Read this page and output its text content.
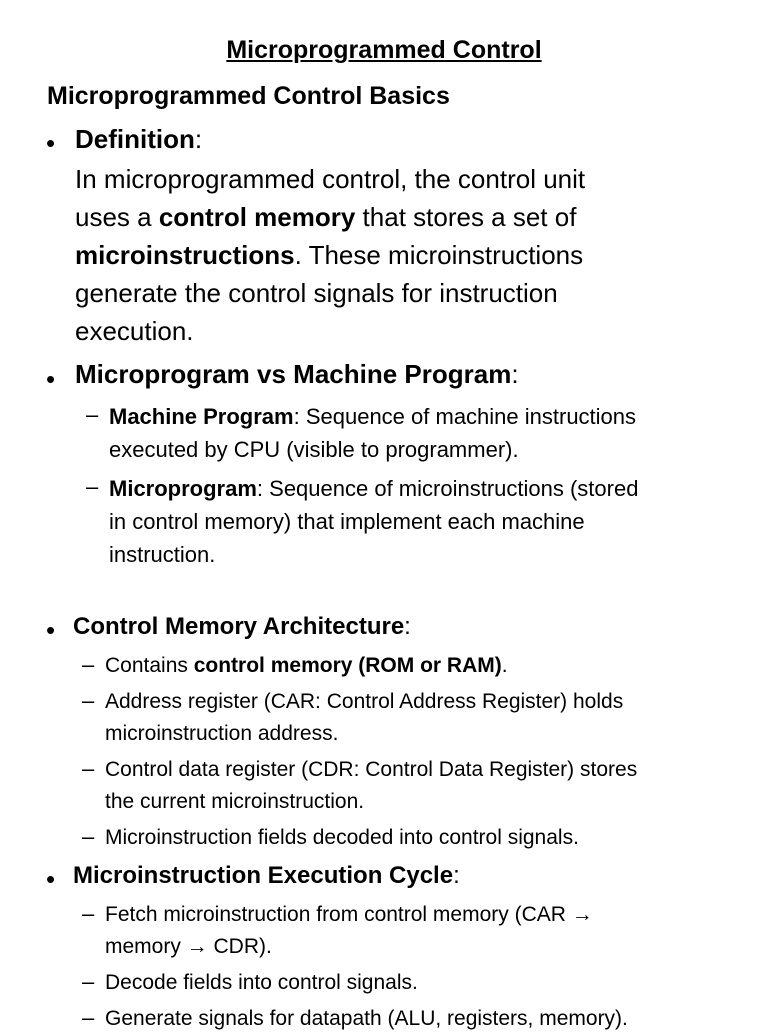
Microprogrammed Control
Microprogrammed Control Basics
• Definition:
In microprogrammed control, the control unit
uses a control memory that stores a set of
microinstructions. These microinstructions
generate the control signals for instruction
execution.
• Microprogram vs Machine Program:
– Machine Program: Sequence of machine instructions
executed by CPU (visible to programmer).
– Microprogram: Sequence of microinstructions (stored
in control memory) that implement each machine
instruction.
• Control Memory Architecture:
– Contains control memory (ROM or RAM).
– Address register (CAR: Control Address Register) holds
microinstruction address.
– Control data register (CDR: Control Data Register) stores
the current microinstruction.
– Microinstruction fields decoded into control signals.
• Microinstruction Execution Cycle:
– Fetch microinstruction from control memory (CAR →
memory → CDR).
– Decode fields into control signals.
– Generate signals for datapath (ALU, registers, memory).
